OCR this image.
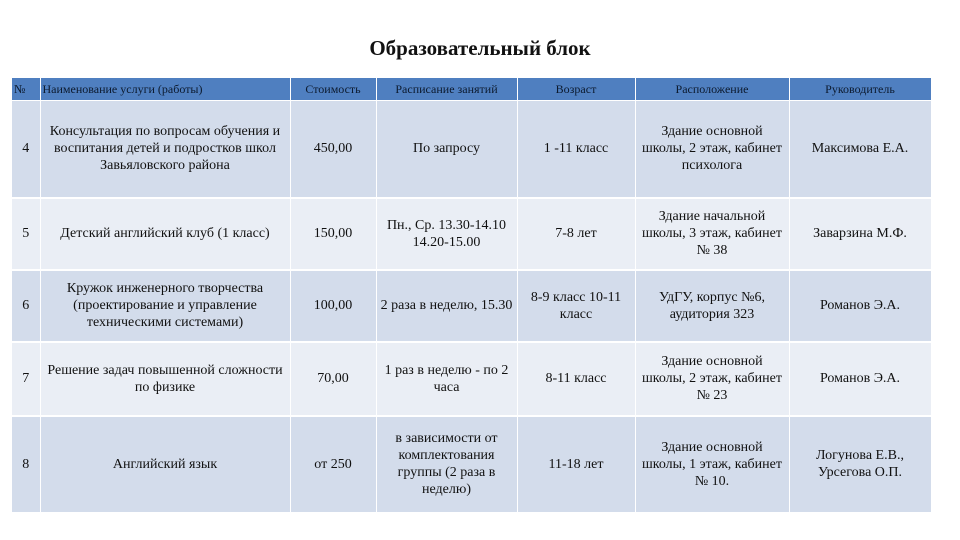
Образовательный блок
№	Наименование услуги (работы)	Стоимость	Расписание занятий	Возраст	Расположение	Руководитель
4	Консультация по вопросам обучения и воспитания детей и подростков школ Завьяловского района	450,00	По запросу	1 -11 класс	Здание основной школы, 2 этаж, кабинет психолога	Максимова Е.А.
5	Детский английский клуб (1 класс)	150,00	Пн., Ср. 13.30-14.10 14.20-15.00	7-8 лет	Здание начальной школы, 3 этаж, кабинет № 38	Заварзина М.Ф.
6	Кружок инженерного творчества (проектирование и управление техническими системами)	100,00	2 раза в неделю, 15.30	8-9 класс 10-11 класс	УдГУ, корпус №6, аудитория 323	Романов Э.А.
7	Решение задач повышенной сложности по физике	70,00	1 раз в неделю - по 2 часа	8-11 класс	Здание основной школы, 2 этаж, кабинет № 23	Романов Э.А.
8	Английский язык	от 250	в зависимости от комплектования группы (2 раза в неделю)	11-18 лет	Здание основной школы, 1 этаж, кабинет № 10.	Логунова Е.В., Урсегова О.П.
